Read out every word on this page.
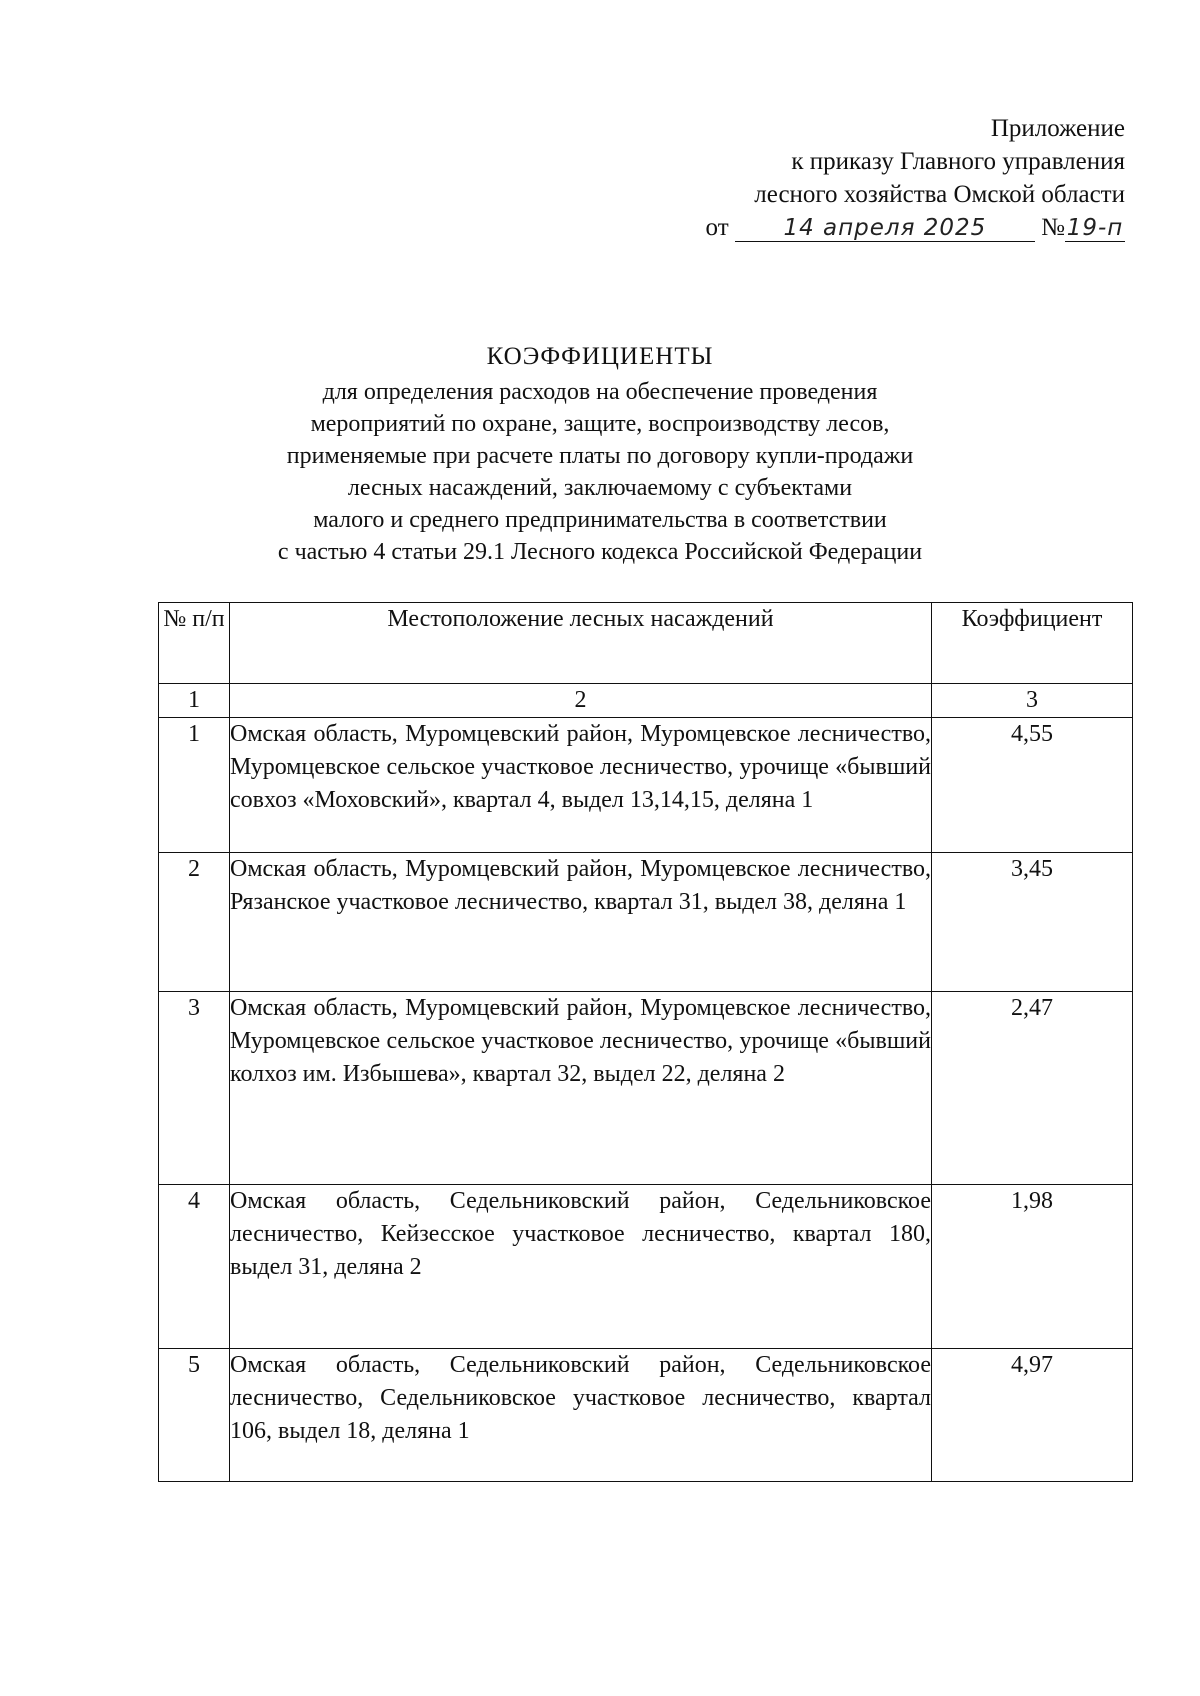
Приложение
к приказу Главного управления
лесного хозяйства Омской области
от 14 апреля 2025 №19-п
КОЭФФИЦИЕНТЫ
для определения расходов на обеспечение проведения
мероприятий по охране, защите, воспроизводству лесов,
применяемые при расчете платы по договору купли-продажи
лесных насаждений, заключаемому с субъектами
малого и среднего предпринимательства в соответствии
с частью 4 статьи 29.1 Лесного кодекса Российской Федерации
№ п/п	Местоположение лесных насаждений	Коэффициент
1	2	3
1	Омская область, Муромцевский район, Муромцевское лесничество, Муромцевское сельское участковое лесничество, урочище «бывший совхоз «Моховский», квартал 4, выдел 13,14,15, деляна 1	4,55
2	Омская область, Муромцевский район, Муромцевское лесничество, Рязанское участковое лесничество, квартал 31, выдел 38, деляна 1	3,45
3	Омская область, Муромцевский район, Муромцевское лесничество, Муромцевское сельское участковое лесничество, урочище «бывший колхоз им. Избышева», квартал 32, выдел 22, деляна 2	2,47
4	Омская область, Седельниковский район, Седельниковское лесничество, Кейзесское участковое лесничество, квартал 180, выдел 31, деляна 2	1,98
5	Омская область, Седельниковский район, Седельниковское лесничество, Седельниковское участковое лесничество, квартал 106, выдел 18, деляна 1	4,97
